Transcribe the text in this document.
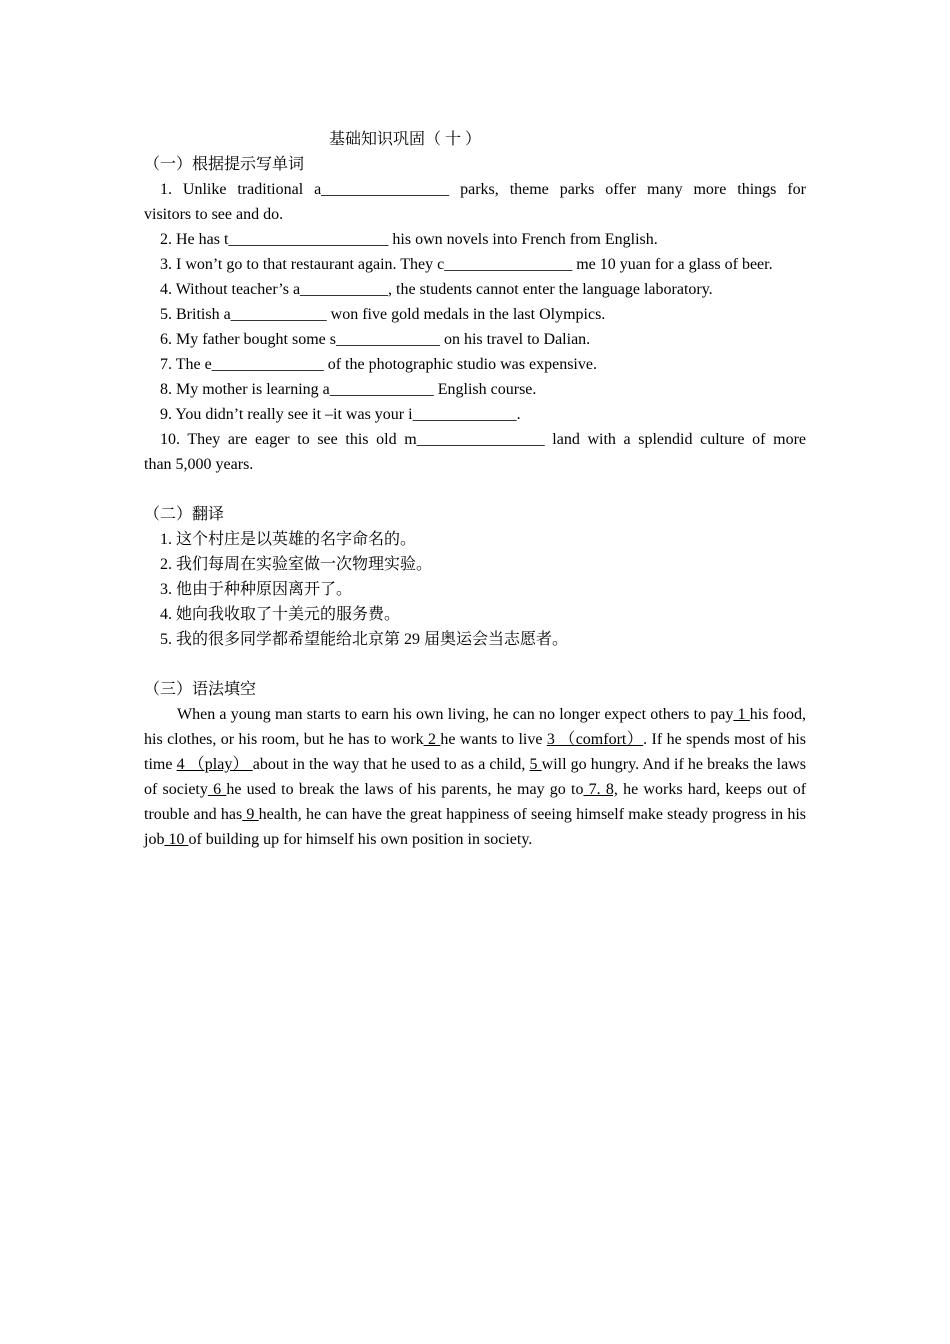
基础知识巩固（ 十 ）
（一）根据提示写单词
1. Unlike traditional a________________ parks, theme parks offer many more things for
visitors to see and do.
2. He has t____________________ his own novels into French from English.
3. I won’t go to that restaurant again. They c________________ me 10 yuan for a glass of beer.
4. Without teacher’s a___________, the students cannot enter the language laboratory.
5. British a____________ won five gold medals in the last Olympics.
6. My father bought some s_____________ on his travel to Dalian.
7. The e______________ of the photographic studio was expensive.
8. My mother is learning a_____________ English course.
9. You didn’t really see it –it was your i_____________.
10. They are eager to see this old m________________ land with a splendid culture of more
than 5,000 years.
（二）翻译
1. 这个村庄是以英雄的名字命名的。
2. 我们每周在实验室做一次物理实验。
3. 他由于种种原因离开了。
4. 她向我收取了十美元的服务费。
5. 我的很多同学都希望能给北京第 29 届奥运会当志愿者。
（三）语法填空
When a young man starts to earn his own living, he can no longer expect others to pay 1 his food, his clothes, or his room, but he has to work 2 he wants to live 3 （comfort）. If he spends most of his time 4 （play） about in the way that he used to as a child, 5 will go hungry. And if he breaks the laws of society 6 he used to break the laws of his parents, he may go to 7. 8, he works hard, keeps out of trouble and has 9 health, he can have the great happiness of seeing himself make steady progress in his job 10 of building up for himself his own position in society.
